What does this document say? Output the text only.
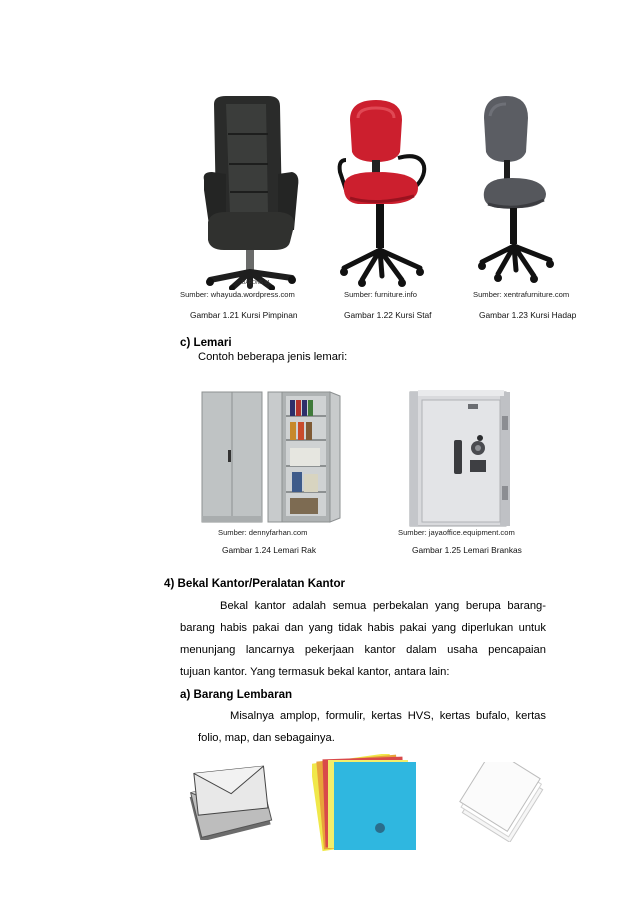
BARONS 01
Sumber: whayuda.wordpress.com	Sumber: furniture.info	Sumber: xentrafurniture.com
Gambar 1.21 Kursi Pimpinan	Gambar 1.22 Kursi Staf	Gambar 1.23 Kursi Hadap
c) Lemari
Contoh beberapa jenis lemari:
Sumber: dennyfarhan.com	Sumber: jayaoffice.equipment.com
Gambar 1.24 Lemari Rak	Gambar 1.25 Lemari Brankas
4) Bekal Kantor/Peralatan Kantor
Bekal kantor adalah semua perbekalan yang berupa barang-
barang habis pakai dan yang tidak habis pakai yang diperlukan untuk
menunjang lancarnya pekerjaan kantor dalam usaha pencapaian
tujuan kantor. Yang termasuk bekal kantor, antara lain:
a) Barang Lembaran
Misalnya amplop, formulir, kertas HVS, kertas bufalo, kertas
folio, map, dan sebagainya.
